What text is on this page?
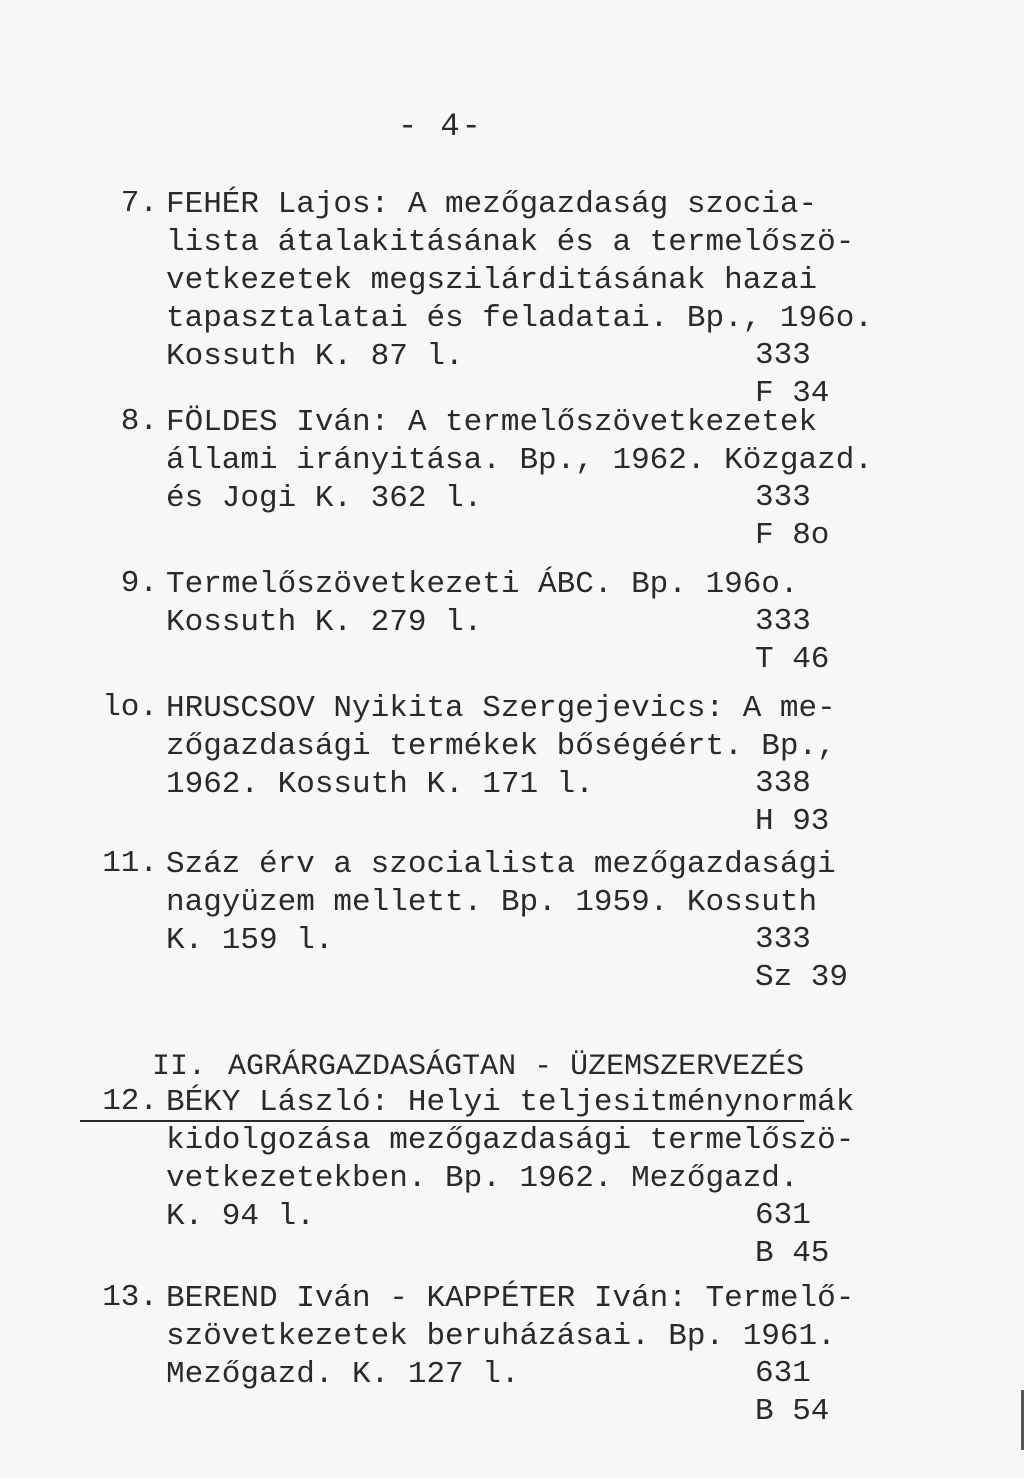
- 4-
7. FEHÉR Lajos: A mezőgazdaság szocia-
lista átalakitásának és a termelőszö-
vetkezetek megszilárditásának hazai
tapasztalatai és feladatai. Bp., 196o.
Kossuth K. 87 l.	333
F 34
8. FÖLDES Iván: A termelőszövetkezetek
állami irányitása. Bp., 1962. Közgazd.
és Jogi K. 362 l.	333
F 8o
9. Termelőszövetkezeti ÁBC. Bp. 196o.
Kossuth K. 279 l.	333
T 46
lo. HRUSCSOV Nyikita Szergejevics: A me-
zőgazdasági termékek bőségéért. Bp.,
1962. Kossuth K. 171 l.	338
H 93
11. Száz érv a szocialista mezőgazdasági
nagyüzem mellett. Bp. 1959. Kossuth
K. 159 l.	333
Sz 39

II. AGRÁRGAZDASÁGTAN - ÜZEMSZERVEZÉS

12. BÉKY László: Helyi teljesitménynormák
kidolgozása mezőgazdasági termelőszö-
vetkezetekben. Bp. 1962. Mezőgazd.
K. 94 l.	631
B 45
13. BEREND Iván - KAPPÉTER Iván: Termelő-
szövetkezetek beruházásai. Bp. 1961.
Mezőgazd. K. 127 l.	631
B 54
